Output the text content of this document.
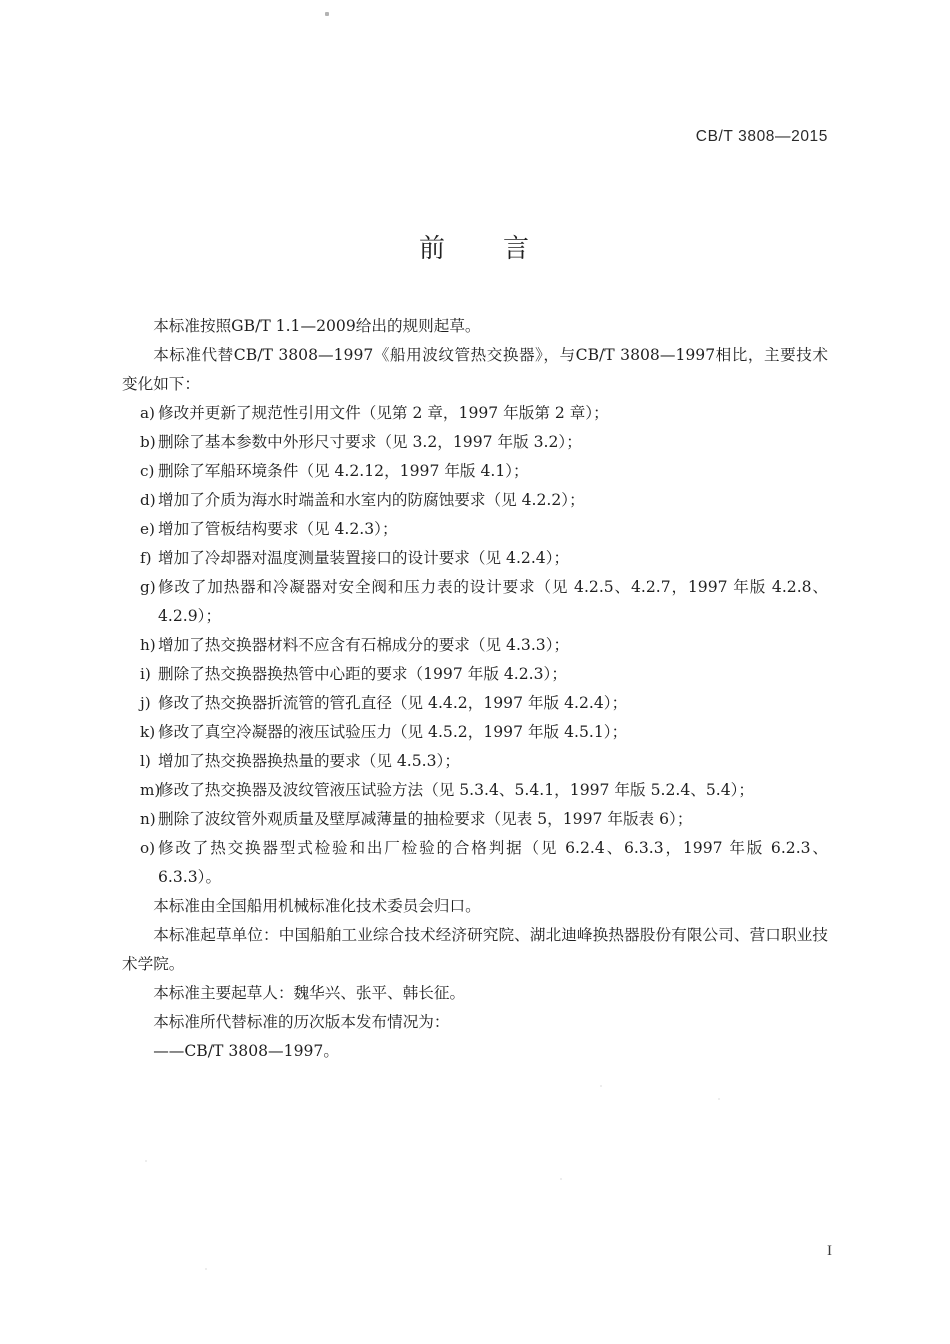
CB/T 3808—2015
前　　言

本标准按照GB/T 1.1—2009给出的规则起草。

本标准代替CB/T 3808—1997《船用波纹管热交换器》，与CB/T 3808—1997相比，主要技术变化如下：

a) 修改并更新了规范性引用文件（见第 2 章，1997 年版第 2 章）；
b) 删除了基本参数中外形尺寸要求（见 3.2，1997 年版 3.2）；
c) 删除了军船环境条件（见 4.2.12，1997 年版 4.1）；
d) 增加了介质为海水时端盖和水室内的防腐蚀要求（见 4.2.2）；
e) 增加了管板结构要求（见 4.2.3）；
f) 增加了冷却器对温度测量装置接口的设计要求（见 4.2.4）；
g) 修改了加热器和冷凝器对安全阀和压力表的设计要求（见 4.2.5、4.2.7，1997 年版 4.2.8、4.2.9）；
h) 增加了热交换器材料不应含有石棉成分的要求（见 4.3.3）；
i) 删除了热交换器换热管中心距的要求（1997 年版 4.2.3）；
j) 修改了热交换器折流管的管孔直径（见 4.4.2，1997 年版 4.2.4）；
k) 修改了真空冷凝器的液压试验压力（见 4.5.2，1997 年版 4.5.1）；
l) 增加了热交换器换热量的要求（见 4.5.3）；
m)
修改了热交换器及波纹管液压试验方法（见 5.3.4、5.4.1，1997 年版 5.2.4、5.4）；
n) 删除了波纹管外观质量及壁厚减薄量的抽检要求（见表 5，1997 年版表 6）；
o) 修改了热交换器型式检验和出厂检验的合格判据（见 6.2.4、6.3.3，1997 年版 6.2.3、6.3.3）。

本标准由全国船用机械标准化技术委员会归口。

本标准起草单位：中国船舶工业综合技术经济研究院、湖北迪峰换热器股份有限公司、营口职业技术学院。

本标准主要起草人：魏华兴、张平、韩长征。

本标准所代替标准的历次版本发布情况为：

——CB/T 3808—1997。

I
